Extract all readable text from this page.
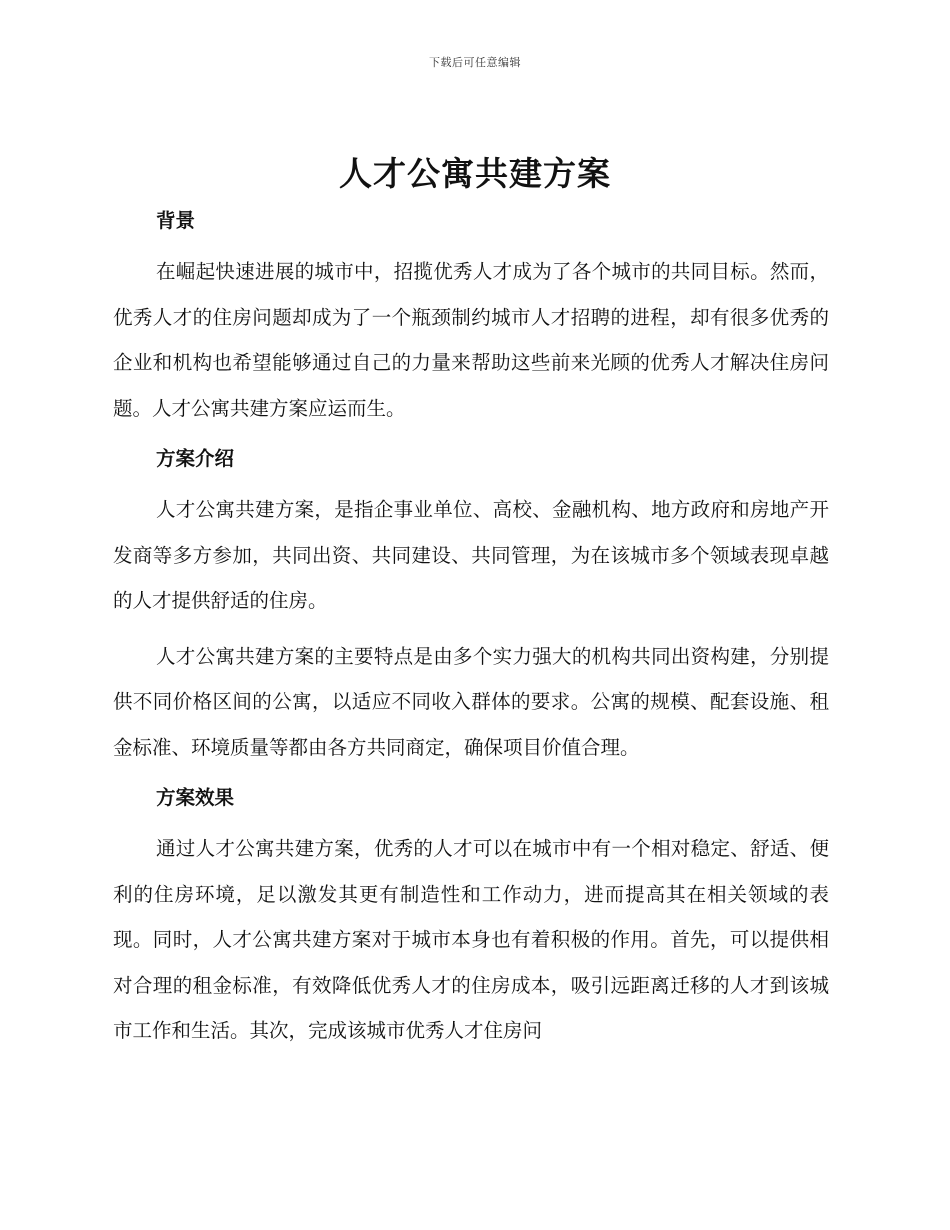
下载后可任意编辑
人才公寓共建方案
背景

在崛起快速进展的城市中，招揽优秀人才成为了各个城市的共同目标。然而，优秀人才的住房问题却成为了一个瓶颈制约城市人才招聘的进程，却有很多优秀的企业和机构也希望能够通过自己的力量来帮助这些前来光顾的优秀人才解决住房问题。人才公寓共建方案应运而生。

方案介绍

人才公寓共建方案，是指企事业单位、高校、金融机构、地方政府和房地产开发商等多方参加，共同出资、共同建设、共同管理，为在该城市多个领域表现卓越的人才提供舒适的住房。

人才公寓共建方案的主要特点是由多个实力强大的机构共同出资构建，分别提供不同价格区间的公寓，以适应不同收入群体的要求。公寓的规模、配套设施、租金标准、环境质量等都由各方共同商定，确保项目价值合理。

方案效果

通过人才公寓共建方案，优秀的人才可以在城市中有一个相对稳定、舒适、便利的住房环境，足以激发其更有制造性和工作动力，进而提高其在相关领域的表现。同时，人才公寓共建方案对于城市本身也有着积极的作用。首先，可以提供相对合理的租金标准，有效降低优秀人才的住房成本，吸引远距离迁移的人才到该城市工作和生活。其次，完成该城市优秀人才住房问
